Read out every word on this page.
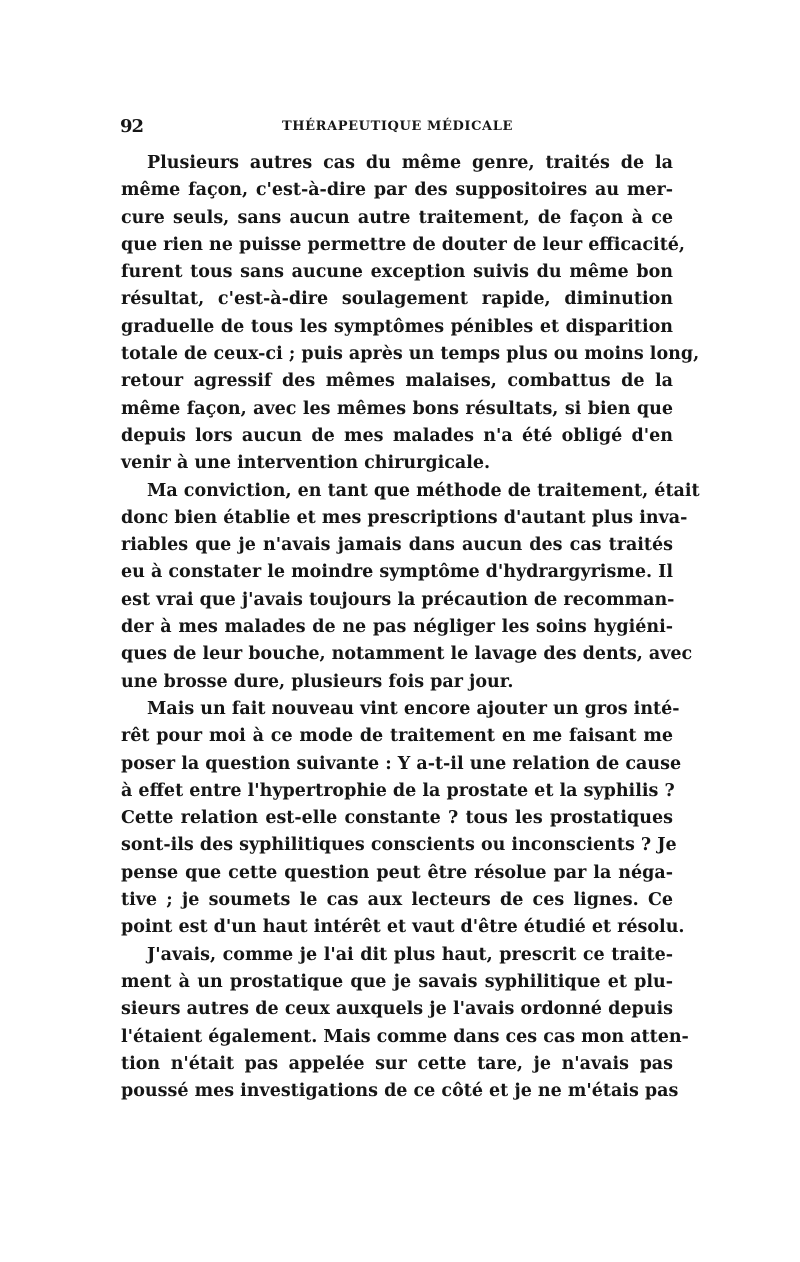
92	THÉRAPEUTIQUE MÉDICALE
Plusieurs autres cas du même genre, traités de la
même façon, c'est-à-dire par des suppositoires au mer-
cure seuls, sans aucun autre traitement, de façon à ce
que rien ne puisse permettre de douter de leur efficacité,
furent tous sans aucune exception suivis du même bon
résultat, c'est-à-dire soulagement rapide, diminution
graduelle de tous les symptômes pénibles et disparition
totale de ceux-ci ; puis après un temps plus ou moins long,
retour agressif des mêmes malaises, combattus de la
même façon, avec les mêmes bons résultats, si bien que
depuis lors aucun de mes malades n'a été obligé d'en
venir à une intervention chirurgicale.
Ma conviction, en tant que méthode de traitement, était
donc bien établie et mes prescriptions d'autant plus inva-
riables que je n'avais jamais dans aucun des cas traités
eu à constater le moindre symptôme d'hydrargyrisme. Il
est vrai que j'avais toujours la précaution de recomman-
der à mes malades de ne pas négliger les soins hygiéni-
ques de leur bouche, notamment le lavage des dents, avec
une brosse dure, plusieurs fois par jour.
Mais un fait nouveau vint encore ajouter un gros inté-
rêt pour moi à ce mode de traitement en me faisant me
poser la question suivante : Y a-t-il une relation de cause
à effet entre l'hypertrophie de la prostate et la syphilis ?
Cette relation est-elle constante ? tous les prostatiques
sont-ils des syphilitiques conscients ou inconscients ? Je
pense que cette question peut être résolue par la néga-
tive ; je soumets le cas aux lecteurs de ces lignes. Ce
point est d'un haut intérêt et vaut d'être étudié et résolu.
J'avais, comme je l'ai dit plus haut, prescrit ce traite-
ment à un prostatique que je savais syphilitique et plu-
sieurs autres de ceux auxquels je l'avais ordonné depuis
l'étaient également. Mais comme dans ces cas mon atten-
tion n'était pas appelée sur cette tare, je n'avais pas
poussé mes investigations de ce côté et je ne m'étais pas
